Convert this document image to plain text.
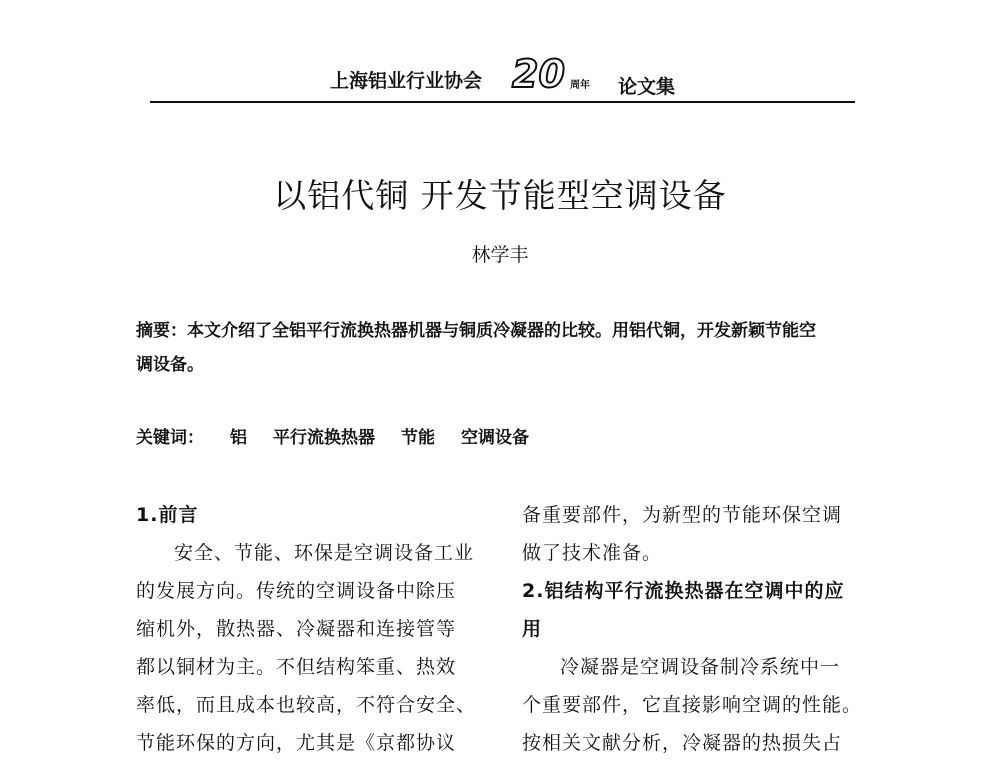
上海铝业行业协会 20 周年 论文集
以铝代铜 开发节能型空调设备
林学丰
摘要：本文介绍了全铝平行流换热器机器与铜质冷凝器的比较。用铝代铜，开发新颖节能空
调设备。
关键词： 铝 平行流换热器 节能 空调设备
1.前言
安全、节能、环保是空调设备工业
的发展方向。传统的空调设备中除压
缩机外，散热器、冷凝器和连接管等
都以铜材为主。不但结构笨重、热效
率低，而且成本也较高，不符合安全、
节能环保的方向，尤其是《京都协议
备重要部件，为新型的节能环保空调
做了技术准备。
2.铝结构平行流换热器在空调中的应
用
冷凝器是空调设备制冷系统中一
个重要部件，它直接影响空调的性能。
按相关文献分析，冷凝器的热损失占
